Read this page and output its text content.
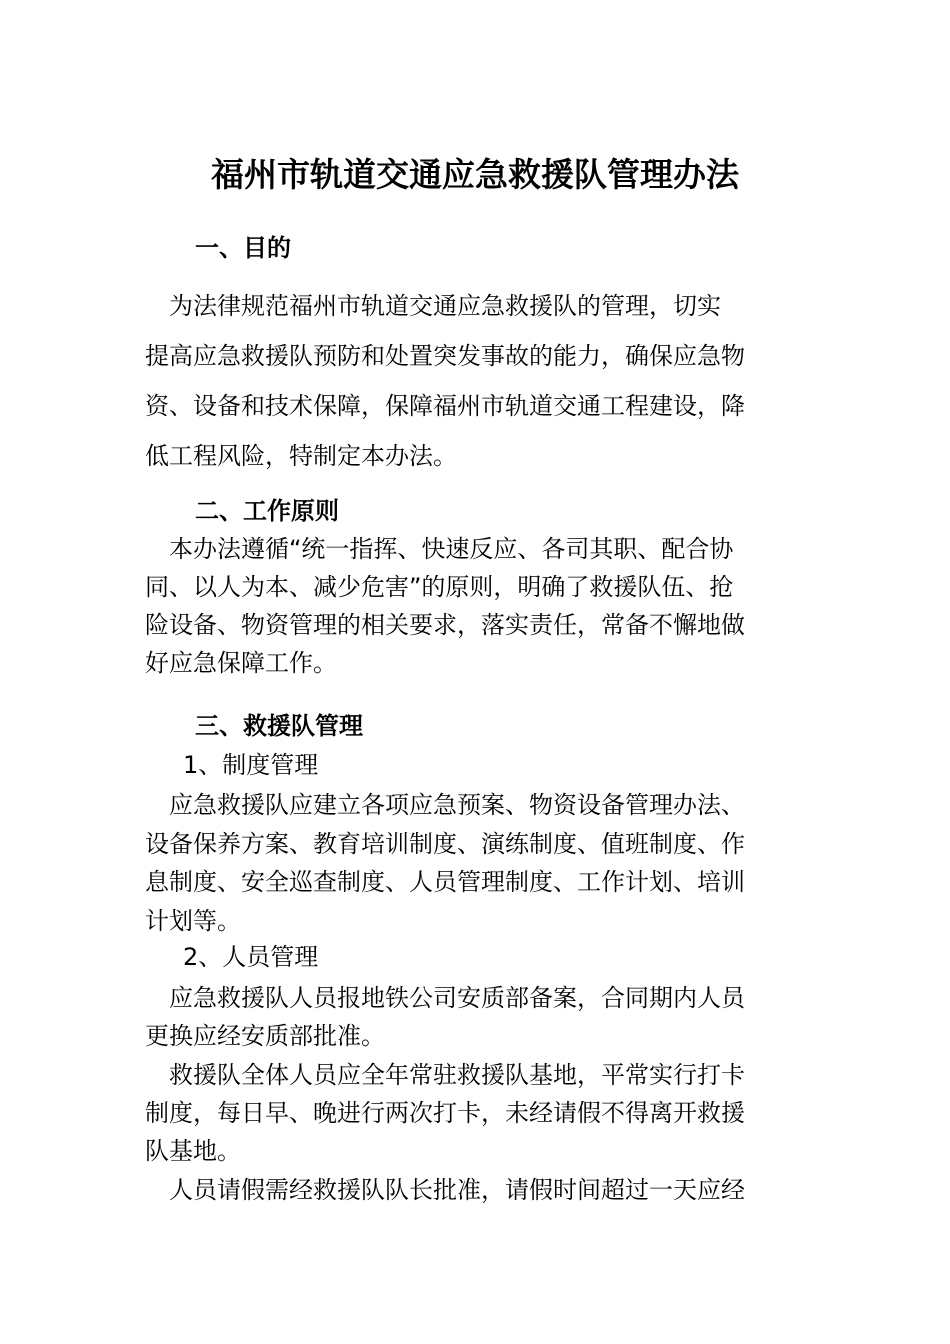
福州市轨道交通应急救援队管理办法
一、目的
　为法律规范福州市轨道交通应急救援队的管理，切实
提高应急救援队预防和处置突发事故的能力，确保应急物
资、设备和技术保障，保障福州市轨道交通工程建设，降
低工程风险，特制定本办法。
二、工作原则
　本办法遵循“统一指挥、快速反应、各司其职、配合协
同、以人为本、减少危害”的原则，明确了救援队伍、抢
险设备、物资管理的相关要求，落实责任，常备不懈地做
好应急保障工作。
三、救援队管理
1、制度管理
　应急救援队应建立各项应急预案、物资设备管理办法、
设备保养方案、教育培训制度、演练制度、值班制度、作
息制度、安全巡查制度、人员管理制度、工作计划、培训
计划等。
2、人员管理
　应急救援队人员报地铁公司安质部备案，合同期内人员
更换应经安质部批准。
　救援队全体人员应全年常驻救援队基地，平常实行打卡
制度，每日早、晚进行两次打卡，未经请假不得离开救援
队基地。
　人员请假需经救援队队长批准，请假时间超过一天应经
